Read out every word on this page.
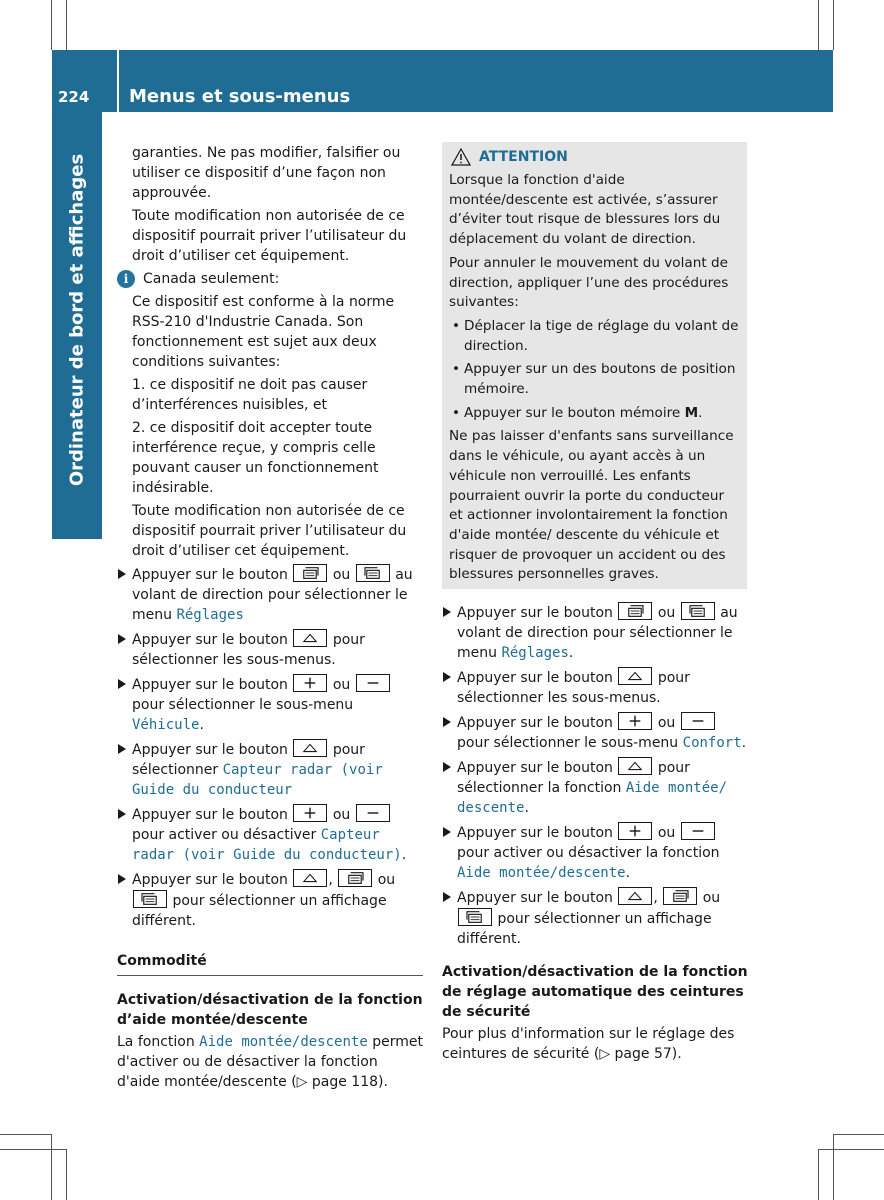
224 Menus et sous-menus
Ordinateur de bord et affichages
garanties. Ne pas modifier, falsifier ou utiliser ce dispositif d’une façon non approuvée.
Toute modification non autorisée de ce dispositif pourrait priver l’utilisateur du droit d’utiliser cet équipement.
i	Canada seulement:
Ce dispositif est conforme à la norme RSS-210 d'Industrie Canada. Son fonctionnement est sujet aux deux conditions suivantes:
1. ce dispositif ne doit pas causer d’interférences nuisibles, et
2. ce dispositif doit accepter toute interférence reçue, y compris celle pouvant causer un fonctionnement indésirable.
Toute modification non autorisée de ce dispositif pourrait priver l’utilisateur du droit d’utiliser cet équipement.
Appuyer sur le bouton	ou	au volant de direction pour sélectionner le menu Réglages
Appuyer sur le bouton	pour sélectionner les sous-menus.
Appuyer sur le bouton	ou
pour sélectionner le sous-menu Véhicule.
Appuyer sur le bouton	pour sélectionner Capteur radar (voir Guide du conducteur
Appuyer sur le bouton	ou
pour activer ou désactiver Capteur radar (voir Guide du conducteur).
Appuyer sur le bouton	,	ou
pour sélectionner un affichage différent.
Commodité
Activation/désactivation de la fonction d’aide montée/descente
La fonction Aide montée/descente permet d'activer ou de désactiver la fonction d'aide montée/descente (▷ page 118).
ATTENTION
Lorsque la fonction d'aide montée/descente est activée, s’assurer d’éviter tout risque de blessures lors du déplacement du volant de direction.
Pour annuler le mouvement du volant de direction, appliquer l’une des procédures suivantes:
• Déplacer la tige de réglage du volant de direction.
• Appuyer sur un des boutons de position mémoire.
• Appuyer sur le bouton mémoire M.
Ne pas laisser d'enfants sans surveillance dans le véhicule, ou ayant accès à un véhicule non verrouillé. Les enfants pourraient ouvrir la porte du conducteur et actionner involontairement la fonction d'aide montée/ descente du véhicule et risquer de provoquer un accident ou des blessures personnelles graves.
Appuyer sur le bouton	ou	au volant de direction pour sélectionner le menu Réglages.
Appuyer sur le bouton	pour sélectionner les sous-menus.
Appuyer sur le bouton	ou
pour sélectionner le sous-menu Confort.
Appuyer sur le bouton	pour sélectionner la fonction Aide montée/ descente.
Appuyer sur le bouton	ou
pour activer ou désactiver la fonction Aide montée/descente.
Appuyer sur le bouton	,	ou
pour sélectionner un affichage différent.
Activation/désactivation de la fonction de réglage automatique des ceintures de sécurité
Pour plus d'information sur le réglage des ceintures de sécurité (▷ page 57).
